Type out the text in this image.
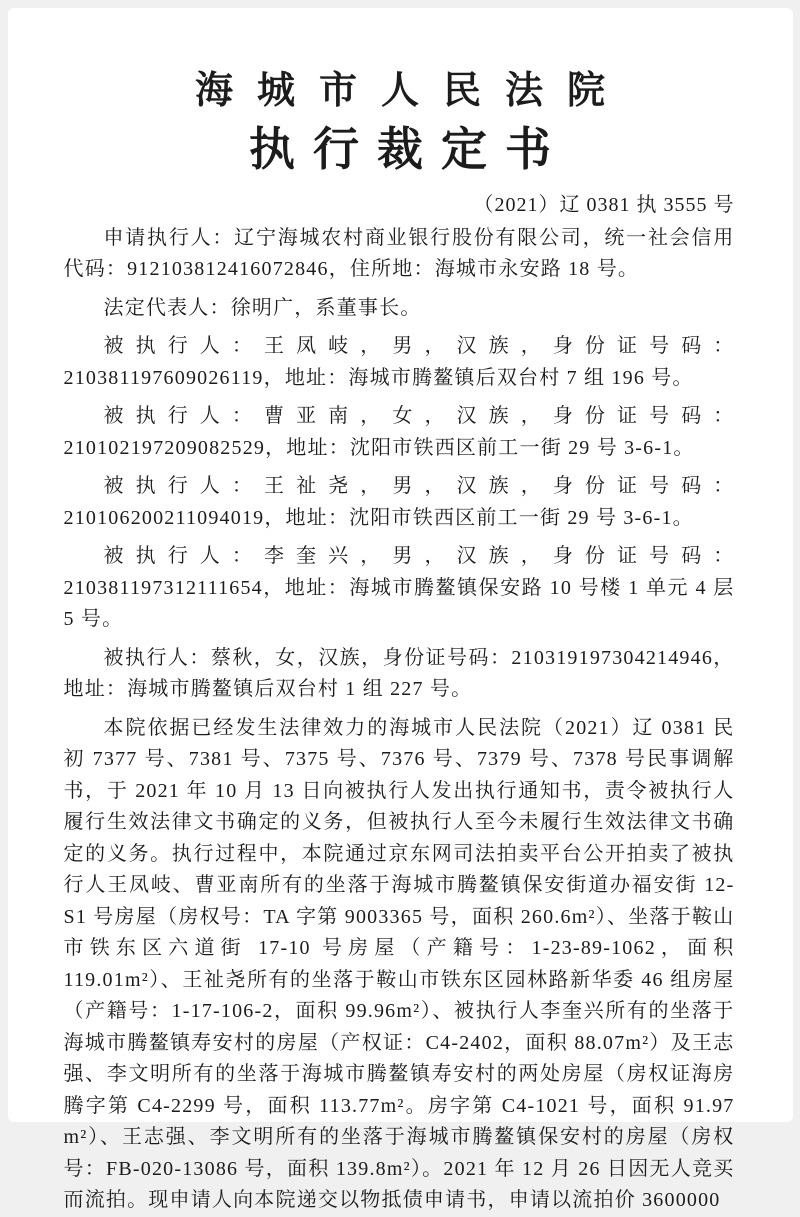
海城市人民法院
执行裁定书
（2021）辽 0381 执 3555 号

申请执行人：辽宁海城农村商业银行股份有限公司，统一社会信用代码：912103812416072846，住所地：海城市永安路 18 号。

法定代表人：徐明广，系董事长。

被执行人：王凤岐，男，汉族，身份证号码：210381197609026119，地址：海城市腾鳌镇后双台村 7 组 196 号。

被执行人：曹亚南，女，汉族，身份证号码：210102197209082529，地址：沈阳市铁西区前工一街 29 号 3-6-1。

被执行人：王祉尧，男，汉族，身份证号码：210106200211094019，地址：沈阳市铁西区前工一街 29 号 3-6-1。

被执行人：李奎兴，男，汉族，身份证号码：210381197312111654，地址：海城市腾鳌镇保安路 10 号楼 1 单元 4 层 5 号。

被执行人：蔡秋，女，汉族，身份证号码：210319197304214946，地址：海城市腾鳌镇后双台村 1 组 227 号。

本院依据已经发生法律效力的海城市人民法院（2021）辽 0381 民初 7377 号、7381 号、7375 号、7376 号、7379 号、7378 号民事调解书，于 2021 年 10 月 13 日向被执行人发出执行通知书，责令被执行人履行生效法律文书确定的义务，但被执行人至今未履行生效法律文书确定的义务。执行过程中，本院通过京东网司法拍卖平台公开拍卖了被执行人王凤岐、曹亚南所有的坐落于海城市腾鳌镇保安街道办福安街 12-S1 号房屋（房权号：TA 字第 9003365 号，面积 260.6m²）、坐落于鞍山市铁东区六道街 17-10 号房屋（产籍号：1-23-89-1062，面积 119.01m²）、王祉尧所有的坐落于鞍山市铁东区园林路新华委 46 组房屋（产籍号：1-17-106-2，面积 99.96m²）、被执行人李奎兴所有的坐落于海城市腾鳌镇寿安村的房屋（产权证：C4-2402，面积 88.07m²）及王志强、李文明所有的坐落于海城市腾鳌镇寿安村的两处房屋（房权证海房腾字第 C4-2299 号，面积 113.77m²。房字第 C4-1021 号，面积 91.97 m²）、王志强、李文明所有的坐落于海城市腾鳌镇保安村的房屋（房权号：FB-020-13086 号，面积 139.8m²）。2021 年 12 月 26 日因无人竞买而流拍。现申请人向本院递交以物抵债申请书，申请以流拍价 3600000
